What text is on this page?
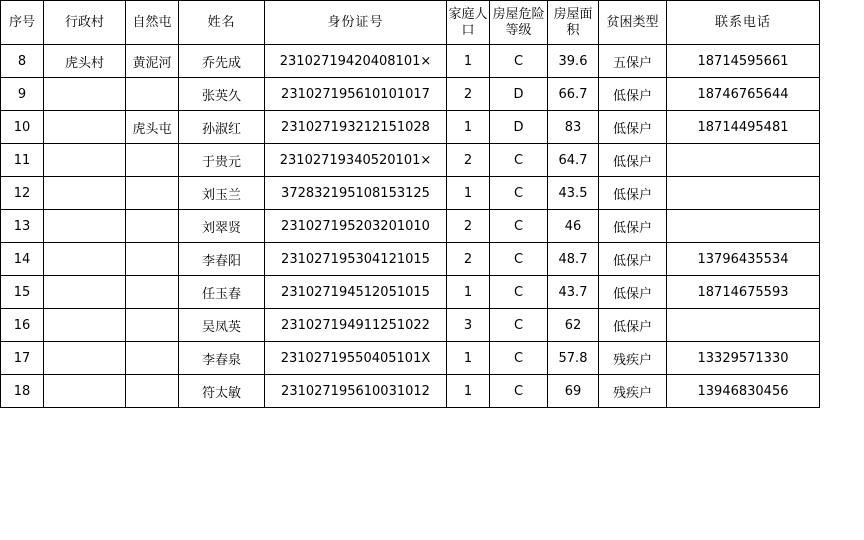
序号	行政村	自然屯	姓名	身份证号	家庭人口	房屋危险等级	房屋面积	贫困类型	联系电话
8	虎头村	黄泥河	乔先成	23102719420408101×	1	C	39.6	五保户	18714595661
9			张英久	231027195610101017	2	D	66.7	低保户	18746765644
10		虎头屯	孙淑红	231027193212151028	1	D	83	低保户	18714495481
11			于贵元	23102719340520101×	2	C	64.7	低保户	
12			刘玉兰	372832195108153125	1	C	43.5	低保户	
13			刘翠贤	231027195203201010	2	C	46	低保户	
14			李春阳	231027195304121015	2	C	48.7	低保户	13796435534
15			任玉春	231027194512051015	1	C	43.7	低保户	18714675593
16			吴凤英	231027194911251022	3	C	62	低保户	
17			李春泉	23102719550405101X	1	C	57.8	残疾户	13329571330
18			符太敏	231027195610031012	1	C	69	残疾户	13946830456
